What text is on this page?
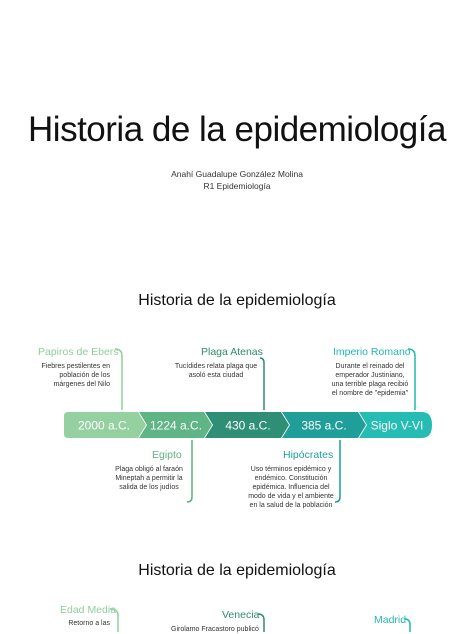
Historia de la epidemiología
Anahí Guadalupe González Molina
R1 Epidemiología
Historia de la epidemiología
2000 a.C. 1224 a.C. 430 a.C.	385 a.C. Siglo V-VI
Papiros de Ebers
Fiebres pestilentes en población de los márgenes del Nilo
Plaga Atenas
Tucídides relata plaga que asoló esta ciudad
Imperio Romano
Durante el reinado del emperador Justiniano, una terrible plaga recibió el nombre de "epidemia"
Egipto
Plaga obligó al faraón Mineptah a permitir la salida de los judíos
Hipócrates
Uso términos epidémico y endémico. Constitución epidémica. Influencia del modo de vida y el ambiente en la salud de la población
Historia de la epidemiología
Edad Media
Retorno a las
Venecia
Girolamo Fracastoro publicó
Madrid
